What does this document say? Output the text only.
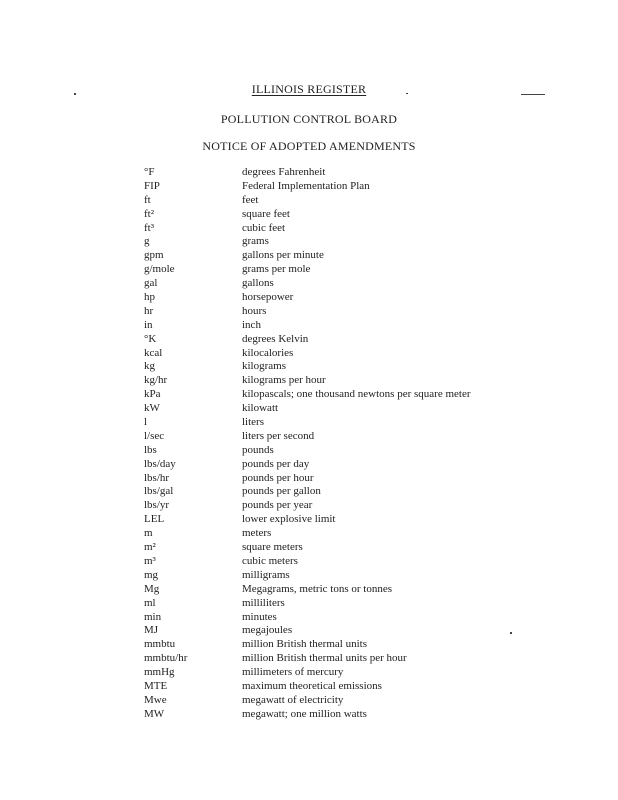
ILLINOIS REGISTER
POLLUTION CONTROL BOARD
NOTICE OF ADOPTED AMENDMENTS
°F	degrees Fahrenheit
FIP	Federal Implementation Plan
ft	feet
ft²	square feet
ft³	cubic feet
g	grams
gpm	gallons per minute
g/mole	grams per mole
gal	gallons
hp	horsepower
hr	hours
in	inch
°K	degrees Kelvin
kcal	kilocalories
kg	kilograms
kg/hr	kilograms per hour
kPa	kilopascals; one thousand newtons per square meter
kW	kilowatt
l	liters
l/sec	liters per second
lbs	pounds
lbs/day	pounds per day
lbs/hr	pounds per hour
lbs/gal	pounds per gallon
lbs/yr	pounds per year
LEL	lower explosive limit
m	meters
m²	square meters
m³	cubic meters
mg	milligrams
Mg	Megagrams, metric tons or tonnes
ml	milliliters
min	minutes
MJ	megajoules
mmbtu	million British thermal units
mmbtu/hr	million British thermal units per hour
mmHg	millimeters of mercury
MTE	maximum theoretical emissions
Mwe	megawatt of electricity
MW	megawatt; one million watts
